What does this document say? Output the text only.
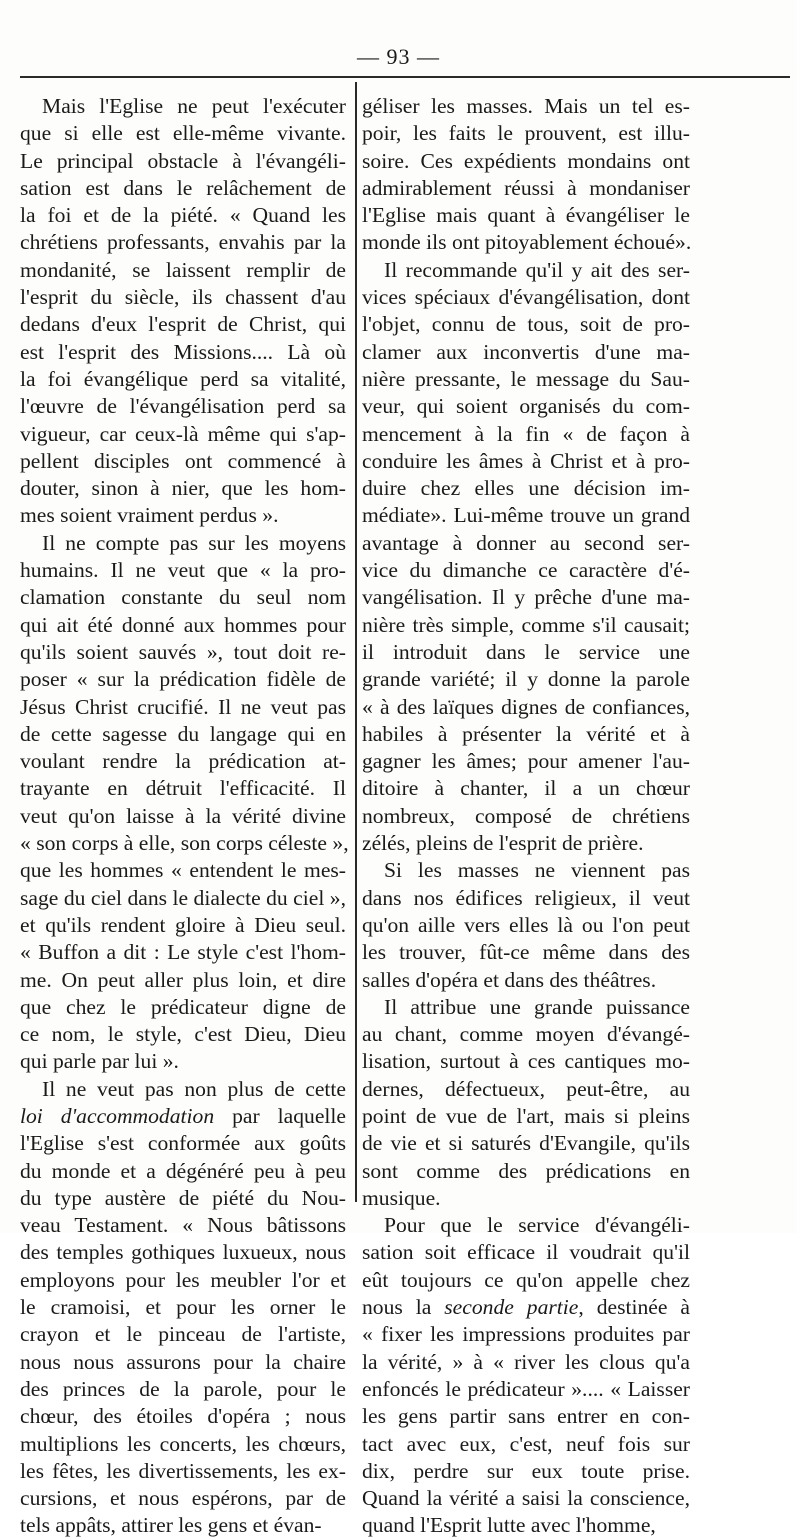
— 93 —

Mais l'Eglise ne peut l'exécuter
que si elle est elle-même vivante.
Le principal obstacle à l'évangéli-
sation est dans le relâchement de
la foi et de la piété. « Quand les
chrétiens professants, envahis par la
mondanité, se laissent remplir de
l'esprit du siècle, ils chassent d'au
dedans d'eux l'esprit de Christ, qui
est l'esprit des Missions.... Là où
la foi évangélique perd sa vitalité,
l'œuvre de l'évangélisation perd sa
vigueur, car ceux-là même qui s'ap-
pellent disciples ont commencé à
douter, sinon à nier, que les hom-
mes soient vraiment perdus ».

Il ne compte pas sur les moyens
humains. Il ne veut que « la pro-
clamation constante du seul nom
qui ait été donné aux hommes pour
qu'ils soient sauvés », tout doit re-
poser « sur la prédication fidèle de
Jésus Christ crucifié. Il ne veut pas
de cette sagesse du langage qui en
voulant rendre la prédication at-
trayante en détruit l'efficacité. Il
veut qu'on laisse à la vérité divine
« son corps à elle, son corps céleste »,
que les hommes « entendent le mes-
sage du ciel dans le dialecte du ciel »,
et qu'ils rendent gloire à Dieu seul.
« Buffon a dit : Le style c'est l'hom-
me. On peut aller plus loin, et dire
que chez le prédicateur digne de
ce nom, le style, c'est Dieu, Dieu
qui parle par lui ».

Il ne veut pas non plus de cette
loi d'accommodation par laquelle
l'Eglise s'est conformée aux goûts
du monde et a dégénéré peu à peu
du type austère de piété du Nou-
veau Testament. « Nous bâtissons
des temples gothiques luxueux, nous
employons pour les meubler l'or et
le cramoisi, et pour les orner le
crayon et le pinceau de l'artiste,
nous nous assurons pour la chaire
des princes de la parole, pour le
chœur, des étoiles d'opéra ; nous
multiplions les concerts, les chœurs,
les fêtes, les divertissements, les ex-
cursions, et nous espérons, par de
tels appâts, attirer les gens et évan-

géliser les masses. Mais un tel es-
poir, les faits le prouvent, est illu-
soire. Ces expédients mondains ont
admirablement réussi à mondaniser
l'Eglise mais quant à évangéliser le
monde ils ont pitoyablement échoué».

Il recommande qu'il y ait des ser-
vices spéciaux d'évangélisation, dont
l'objet, connu de tous, soit de pro-
clamer aux inconvertis d'une ma-
nière pressante, le message du Sau-
veur, qui soient organisés du com-
mencement à la fin « de façon à
conduire les âmes à Christ et à pro-
duire chez elles une décision im-
médiate». Lui-même trouve un grand
avantage à donner au second ser-
vice du dimanche ce caractère d'é-
vangélisation. Il y prêche d'une ma-
nière très simple, comme s'il causait;
il introduit dans le service une
grande variété; il y donne la parole
« à des laïques dignes de confiances,
habiles à présenter la vérité et à
gagner les âmes; pour amener l'au-
ditoire à chanter, il a un chœur
nombreux, composé de chrétiens
zélés, pleins de l'esprit de prière.

Si les masses ne viennent pas
dans nos édifices religieux, il veut
qu'on aille vers elles là ou l'on peut
les trouver, fût-ce même dans des
salles d'opéra et dans des théâtres.

Il attribue une grande puissance
au chant, comme moyen d'évangé-
lisation, surtout à ces cantiques mo-
dernes, défectueux, peut-être, au
point de vue de l'art, mais si pleins
de vie et si saturés d'Evangile, qu'ils
sont comme des prédications en
musique.

Pour que le service d'évangéli-
sation soit efficace il voudrait qu'il
eût toujours ce qu'on appelle chez
nous la seconde partie, destinée à
« fixer les impressions produites par
la vérité, » à « river les clous qu'a
enfoncés le prédicateur ».... « Laisser
les gens partir sans entrer en con-
tact avec eux, c'est, neuf fois sur
dix, perdre sur eux toute prise.
Quand la vérité a saisi la conscience,
quand l'Esprit lutte avec l'homme,
